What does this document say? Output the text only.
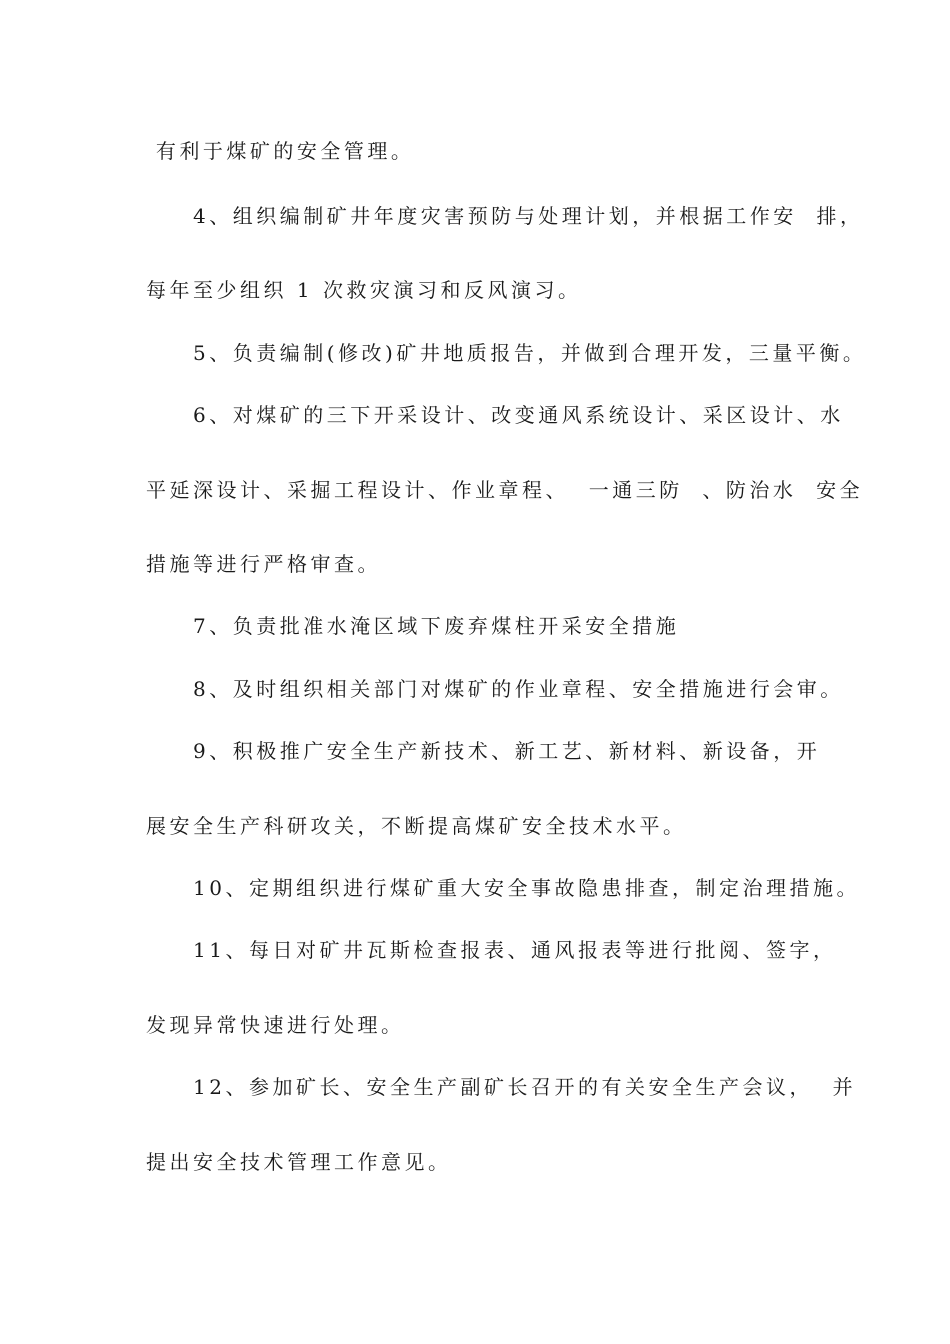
有利于煤矿的安全管理。
4、组织编制矿井年度灾害预防与处理计划，并根据工作安  排，
每年至少组织 1 次救灾演习和反风演习。
5、负责编制(修改)矿井地质报告，并做到合理开发，三量平衡。
6、对煤矿的三下开采设计、改变通风系统设计、采区设计、水
平延深设计、采掘工程设计、作业章程、  一通三防  、防治水  安全
措施等进行严格审查。
7、负责批准水淹区域下废弃煤柱开采安全措施
8、及时组织相关部门对煤矿的作业章程、安全措施进行会审。
9、积极推广安全生产新技术、新工艺、新材料、新设备，开
展安全生产科研攻关，不断提高煤矿安全技术水平。
10、定期组织进行煤矿重大安全事故隐患排查，制定治理措施。
11、每日对矿井瓦斯检查报表、通风报表等进行批阅、签字，
发现异常快速进行处理。
12、参加矿长、安全生产副矿长召开的有关安全生产会议，  并
提出安全技术管理工作意见。
